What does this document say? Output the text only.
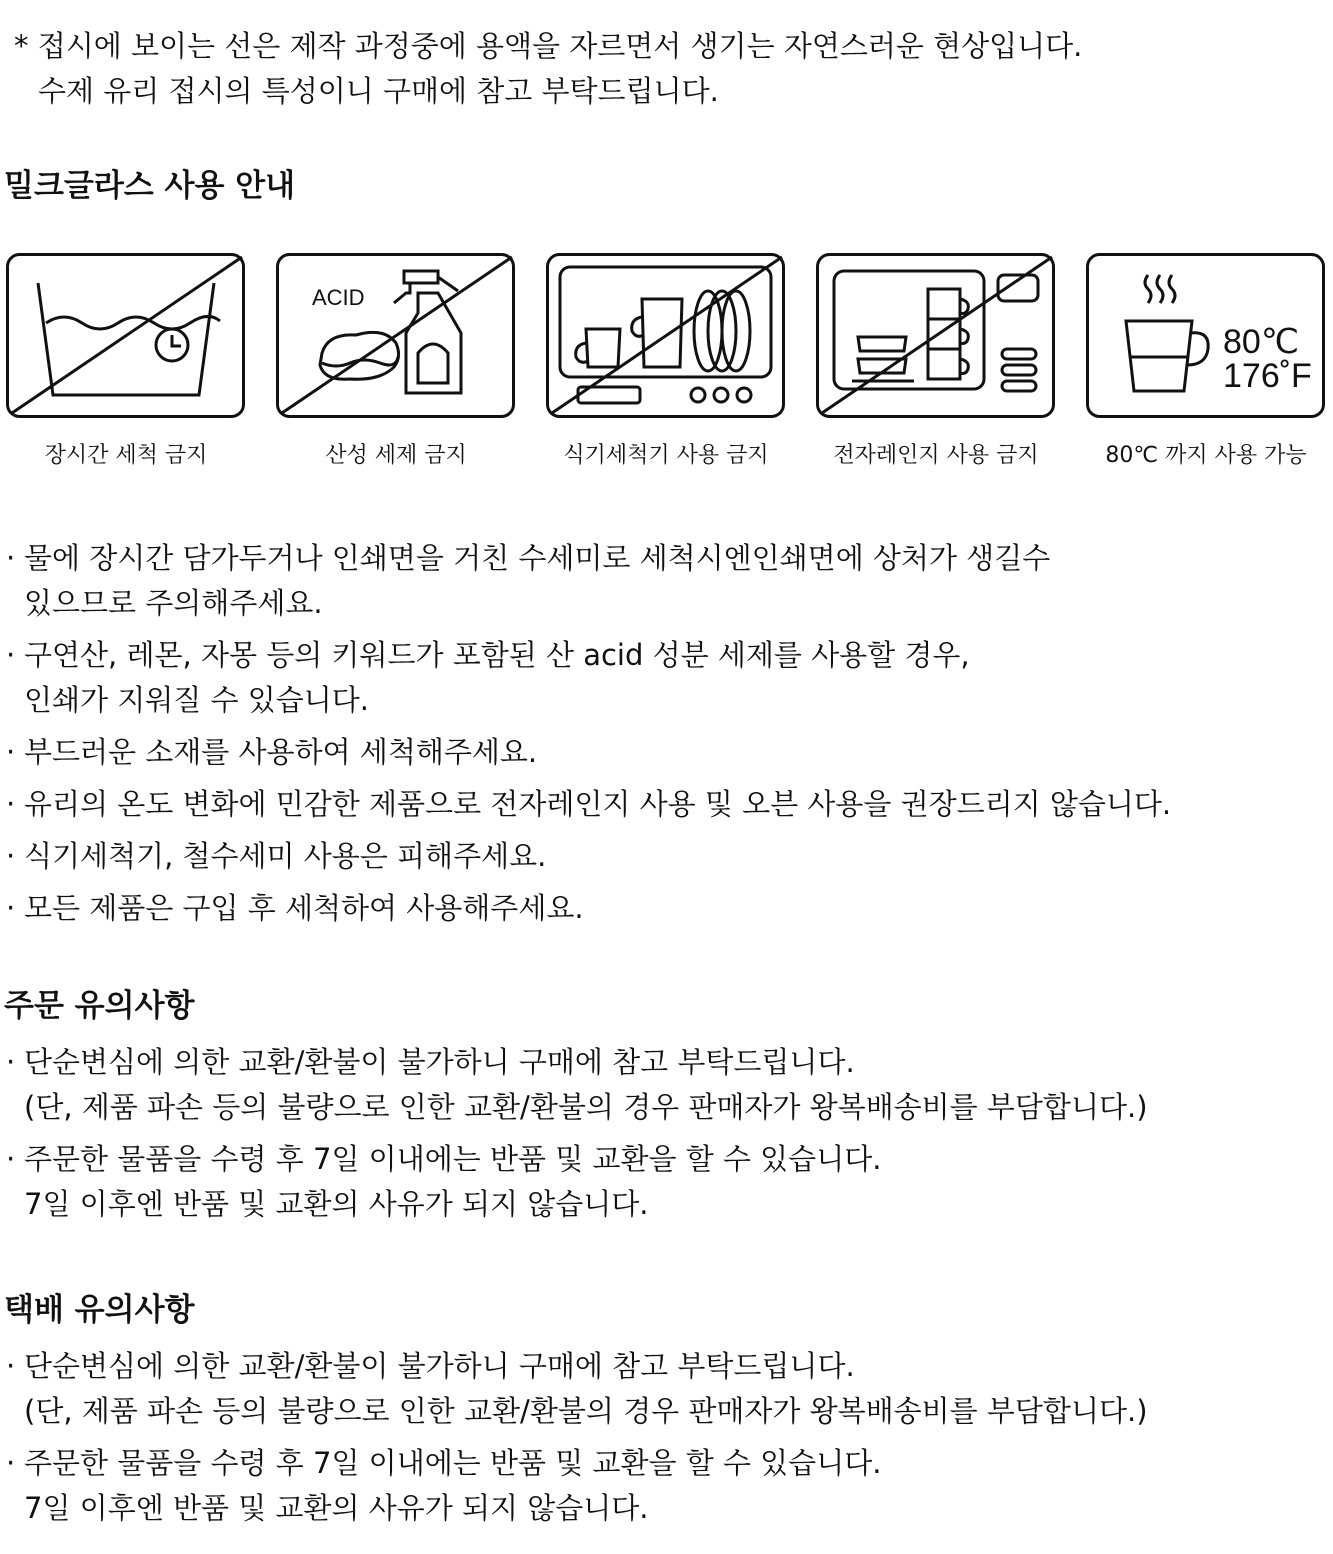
* 접시에 보이는 선은 제작 과정중에 용액을 자르면서 생기는 자연스러운 현상입니다.
수제 유리 접시의 특성이니 구매에 참고 부탁드립니다.
밀크글라스 사용 안내
ACID
80℃
176˚F
장시간 세척 금지	산성 세제 금지	식기세척기 사용 금지	전자레인지 사용 금지	80℃ 까지 사용 가능
· 물에 장시간 담가두거나 인쇄면을 거친 수세미로 세척시엔인쇄면에 상처가 생길수
있으므로 주의해주세요.
· 구연산, 레몬, 자몽 등의 키워드가 포함된 산 acid 성분 세제를 사용할 경우,
인쇄가 지워질 수 있습니다.
· 부드러운 소재를 사용하여 세척해주세요.
· 유리의 온도 변화에 민감한 제품으로 전자레인지 사용 및 오븐 사용을 권장드리지 않습니다.
· 식기세척기, 철수세미 사용은 피해주세요.
· 모든 제품은 구입 후 세척하여 사용해주세요.
주문 유의사항
· 단순변심에 의한 교환/환불이 불가하니 구매에 참고 부탁드립니다.
(단, 제품 파손 등의 불량으로 인한 교환/환불의 경우 판매자가 왕복배송비를 부담합니다.)
· 주문한 물품을 수령 후 7일 이내에는 반품 및 교환을 할 수 있습니다.
7일 이후엔 반품 및 교환의 사유가 되지 않습니다.
택배 유의사항
· 단순변심에 의한 교환/환불이 불가하니 구매에 참고 부탁드립니다.
(단, 제품 파손 등의 불량으로 인한 교환/환불의 경우 판매자가 왕복배송비를 부담합니다.)
· 주문한 물품을 수령 후 7일 이내에는 반품 및 교환을 할 수 있습니다.
7일 이후엔 반품 및 교환의 사유가 되지 않습니다.
